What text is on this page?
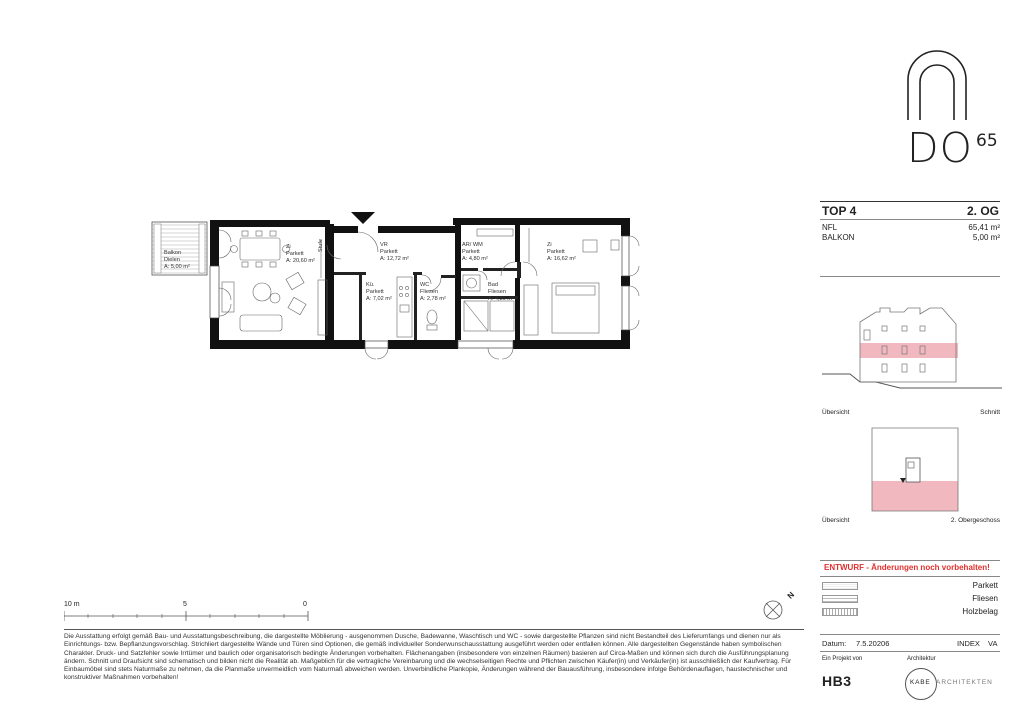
DO 65
TOP 4	2. OG
NFL	65,41 m²
BALKON	5,00 m²
Übersicht	Schnitt
Übersicht	2. Obergeschoss
ENTWURF - Änderungen noch vorbehalten!
Parkett
Fliesen
Holzbelag
Datum: 7.5.20206	INDEX VA
Ein Projekt von	Architektur
HB3	KABE ARCHITEKTEN
10 m	5	0
N
Die Ausstattung erfolgt gemäß Bau- und Ausstattungsbeschreibung, die dargestellte Möblierung - ausgenommen Dusche, Badewanne, Waschtisch und WC - sowie dargestellte Pflanzen sind nicht Bestandteil des Lieferumfangs und dienen nur als Einrichtungs- bzw. Bepflanzungsvorschlag. Strichliert dargestellte Wände und Türen sind Optionen, die gemäß individueller Sonderwunschausstattung ausgeführt werden oder entfallen können. Alle dargestellten Gegenstände haben symbolischen Charakter. Druck- und Satzfehler sowie Irrtümer und baulich oder organisatorisch bedingte Änderungen vorbehalten. Flächenangaben (insbesondere von einzelnen Räumen) basieren auf Circa-Maßen und können sich durch die Ausführungsplanung ändern. Schnitt und Draufsicht sind schematisch und bilden nicht die Realität ab. Maßgeblich für die vertragliche Vereinbarung und die wechselseitigen Rechte und Pflichten zwischen Käufer(in) und Verkäufer(in) ist ausschließlich der Kaufvertrag. Für Einbaumöbel sind stets Naturmaße zu nehmen, da die Planmaße unvermeidlich vom Naturmaß abweichen werden. Unverbindliche Plankopie, Änderungen während der Bauausführung, insbesondere infolge Behördenauflagen, haustechnischer und konstruktiver Maßnahmen vorbehalten!
Balkon
Dielen
A: 5,00 m²
Zi
Parkett
A: 20,60 m²
Stufe	VR
Parkett
A: 12,72 m²
Kü.
Parkett
A: 7,02 m²
WC
Fliesen
A: 2,78 m²
AR/ WM
Parkett
A: 4,80 m²
Bad
Fliesen
A: 4,80 m²
Zi
Parkett
A: 16,62 m²
